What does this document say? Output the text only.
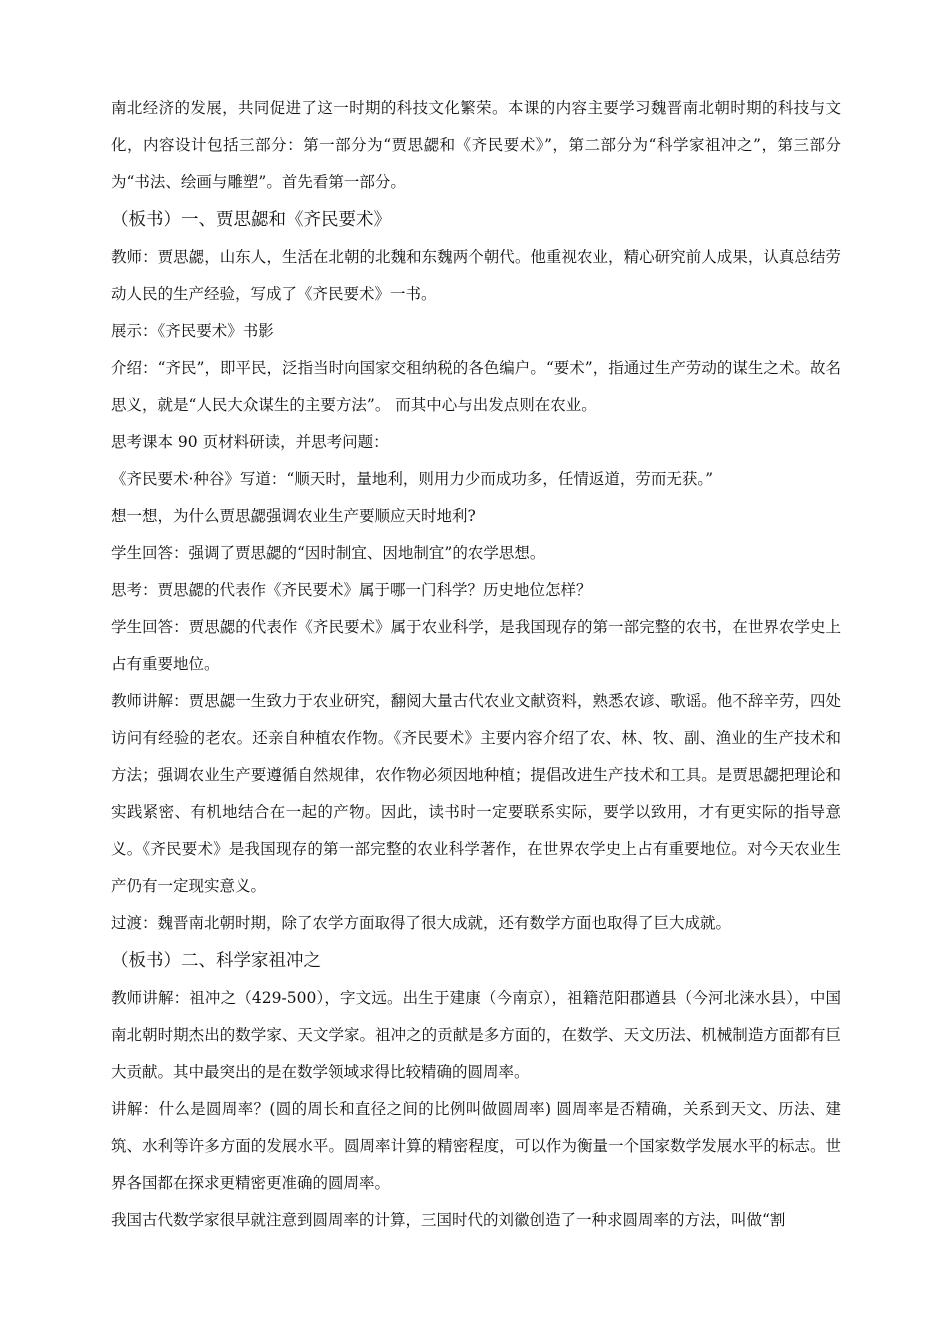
南北经济的发展，共同促进了这一时期的科技文化繁荣。本课的内容主要学习魏晋南北朝时期的科技与文化，内容设计包括三部分：第一部分为“贾思勰和《齐民要术》”，第二部分为“科学家祖冲之”，第三部分为“书法、绘画与雕塑”。首先看第一部分。

（板书）一、贾思勰和《齐民要术》

教师：贾思勰，山东人，生活在北朝的北魏和东魏两个朝代。他重视农业，精心研究前人成果，认真总结劳动人民的生产经验，写成了《齐民要术》一书。

展示：《齐民要术》书影

介绍：“齐民”，即平民，泛指当时向国家交租纳税的各色编户。“要术”，指通过生产劳动的谋生之术。故名思义，就是“人民大众谋生的主要方法”。 而其中心与出发点则在农业。

思考课本 90 页材料研读，并思考问题：

《齐民要术·种谷》写道：“顺天时，量地利，则用力少而成功多，任情返道，劳而无获。”

想一想，为什么贾思勰强调农业生产要顺应天时地利?

学生回答：强调了贾思勰的“因时制宜、因地制宜”的农学思想。

思考：贾思勰的代表作《齐民要术》属于哪一门科学？历史地位怎样？

学生回答：贾思勰的代表作《齐民要术》属于农业科学，是我国现存的第一部完整的农书，在世界农学史上占有重要地位。

教师讲解：贾思勰一生致力于农业研究，翻阅大量古代农业文献资料，熟悉农谚、歌谣。他不辞辛劳，四处访问有经验的老农。还亲自种植农作物。《齐民要术》主要内容介绍了农、林、牧、副、渔业的生产技术和方法；强调农业生产要遵循自然规律，农作物必须因地种植；提倡改进生产技术和工具。是贾思勰把理论和实践紧密、有机地结合在一起的产物。因此，读书时一定要联系实际，要学以致用，才有更实际的指导意义。《齐民要术》是我国现存的第一部完整的农业科学著作，在世界农学史上占有重要地位。对今天农业生产仍有一定现实意义。

过渡：魏晋南北朝时期，除了农学方面取得了很大成就，还有数学方面也取得了巨大成就。

（板书）二、科学家祖冲之

教师讲解：祖冲之（429-500），字文远。出生于建康（今南京），祖籍范阳郡遒县（今河北涞水县），中国南北朝时期杰出的数学家、天文学家。祖冲之的贡献是多方面的，在数学、天文历法、机械制造方面都有巨大贡献。其中最突出的是在数学领域求得比较精确的圆周率。

讲解：什么是圆周率？(圆的周长和直径之间的比例叫做圆周率) 圆周率是否精确，关系到天文、历法、建筑、水利等许多方面的发展水平。圆周率计算的精密程度，可以作为衡量一个国家数学发展水平的标志。世界各国都在探求更精密更准确的圆周率。

我国古代数学家很早就注意到圆周率的计算，三国时代的刘徽创造了一种求圆周率的方法，叫做“割
